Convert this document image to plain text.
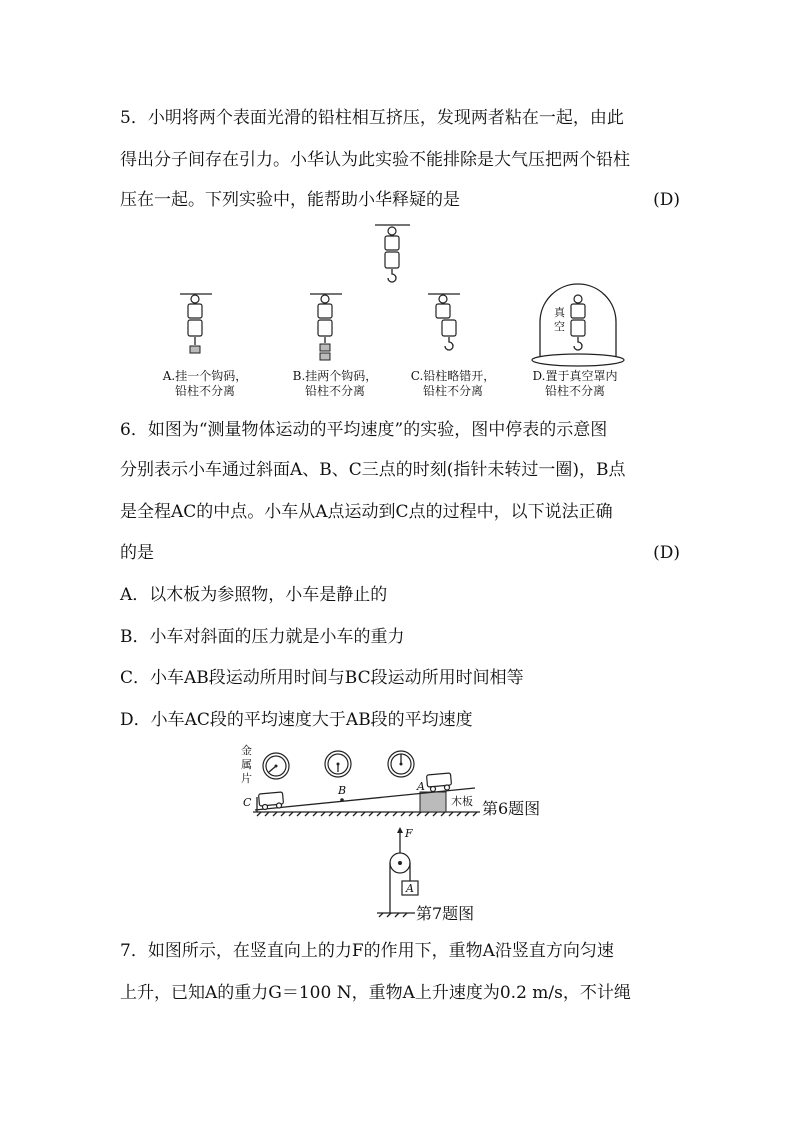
5．小明将两个表面光滑的铅柱相互挤压，发现两者粘在一起，由此
得出分子间存在引力。小华认为此实验不能排除是大气压把两个铅柱
压在一起。下列实验中，能帮助小华释疑的是	(D)
真
空
A.挂一个钩码，
铅柱不分离
B.挂两个钩码，
铅柱不分离
C.铅柱略错开，
铅柱不分离
D.置于真空罩内
铅柱不分离
6．如图为“测量物体运动的平均速度”的实验，图中停表的示意图
分别表示小车通过斜面A、B、C三点的时刻(指针未转过一圈)，B点
是全程AC的中点。小车从A点运动到C点的过程中，以下说法正确
的是	(D)
A．以木板为参照物，小车是静止的
B．小车对斜面的压力就是小车的重力
C．小车AB段运动所用时间与BC段运动所用时间相等
D．小车AC段的平均速度大于AB段的平均速度
金
属
片
C
B	A
木板 第6题图
F
A
第7题图
7．如图所示，在竖直向上的力F的作用下，重物A沿竖直方向匀速
上升，已知A的重力G＝100 N，重物A上升速度为0.2 m/s，不计绳
